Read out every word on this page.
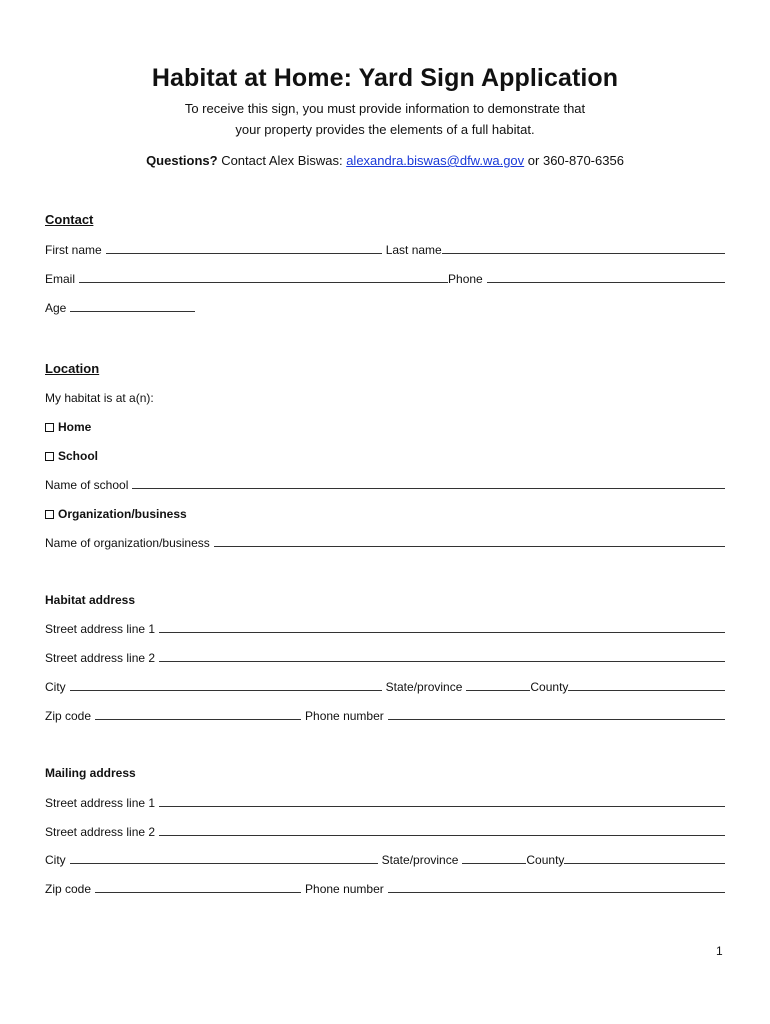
Habitat at Home: Yard Sign Application
To receive this sign, you must provide information to demonstrate that
your property provides the elements of a full habitat.
Questions? Contact Alex Biswas: alexandra.biswas@dfw.wa.gov or 360-870-6356
Contact
First name	Last name
Email	Phone
Age
Location
My habitat is at a(n):
Home
School
Name of school
Organization/business
Name of organization/business
Habitat address
Street address line 1
Street address line 2
City	State/province	County
Zip code	Phone number
Mailing address
Street address line 1
Street address line 2
City	State/province	County
Zip code	Phone number
1
